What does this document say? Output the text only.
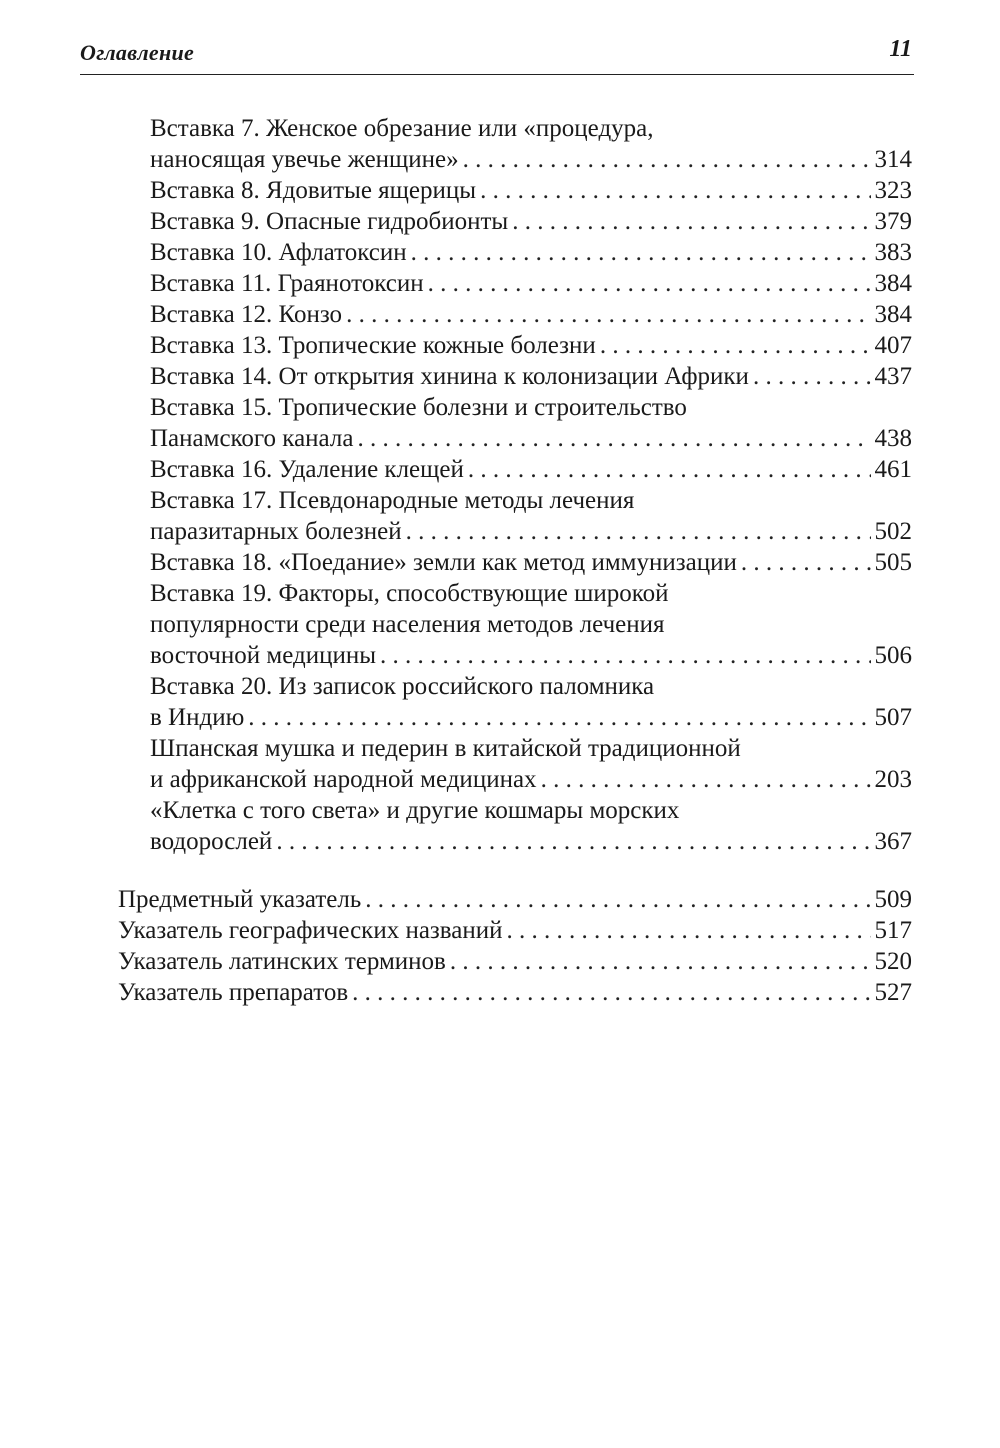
Оглавление	11
Вставка 7. Женское обрезание или «процедура,
наносящая увечье женщине» . . .	314
Вставка 8. Ядовитые ящерицы . . .	323
Вставка 9. Опасные гидробионты . . .	379
Вставка 10. Афлатоксин . . .	383
Вставка 11. Граянотоксин . . .	384
Вставка 12. Конзо . . .	384
Вставка 13. Тропические кожные болезни . . .	407
Вставка 14. От открытия хинина к колонизации Африки . . .	437
Вставка 15. Тропические болезни и строительство
Панамского канала . . .	438
Вставка 16. Удаление клещей . . .	461
Вставка 17. Псевдонародные методы лечения
паразитарных болезней . . .	502
Вставка 18. «Поедание» земли как метод иммунизации . . .	505
Вставка 19. Факторы, способствующие широкой
популярности среди населения методов лечения
восточной медицины . . .	506
Вставка 20. Из записок российского паломника
в Индию . . .	507
Шпанская мушка и педерин в китайской традиционной
и африканской народной медицинах . . .	203
«Клетка с того света» и другие кошмары морских
водорослей . . .	367
Предметный указатель . . .	509
Указатель географических названий . . .	517
Указатель латинских терминов . . .	520
Указатель препаратов . . .	527
